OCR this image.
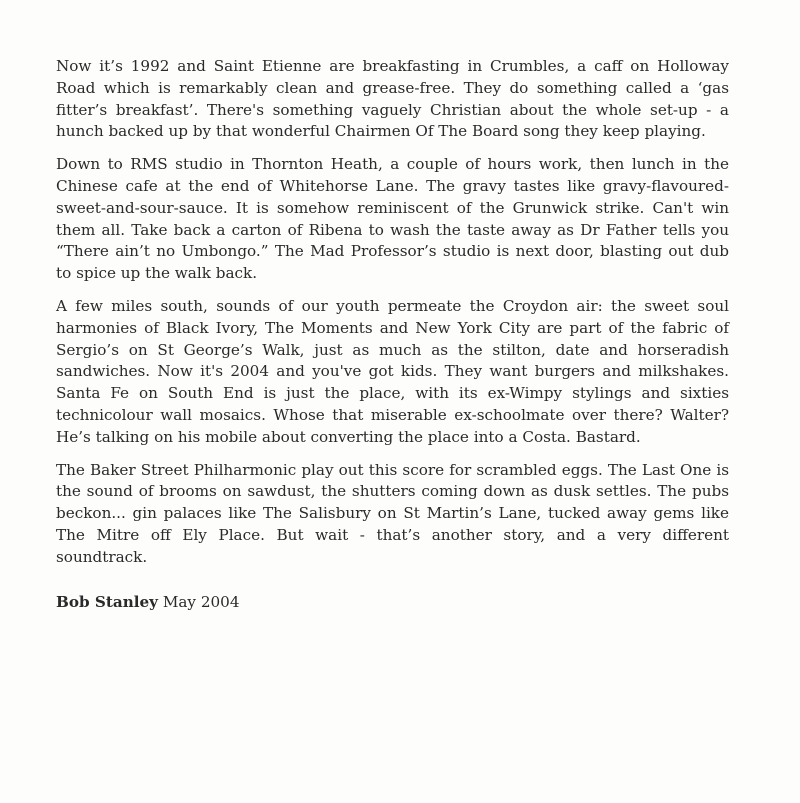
Now it’s 1992 and Saint Etienne are breakfasting in Crumbles, a caff on Holloway Road which is remarkably clean and grease-free. They do something called a ‘gas fitter’s breakfast’. There's something vaguely Christian about the whole set-up - a hunch backed up by that wonderful Chairmen Of The Board song they keep playing.

Down to RMS studio in Thornton Heath, a couple of hours work, then lunch in the Chinese cafe at the end of Whitehorse Lane. The gravy tastes like gravy-flavoured-sweet-and-sour-sauce. It is somehow reminiscent of the Grunwick strike. Can't win them all. Take back a carton of Ribena to wash the taste away as Dr Father tells you “There ain’t no Umbongo.” The Mad Professor’s studio is next door, blasting out dub to spice up the walk back.

A few miles south, sounds of our youth permeate the Croydon air: the sweet soul harmonies of Black Ivory, The Moments and New York City are part of the fabric of Sergio’s on St George’s Walk, just as much as the stilton, date and horseradish sandwiches. Now it's 2004 and you've got kids. They want burgers and milkshakes. Santa Fe on South End is just the place, with its ex-Wimpy stylings and sixties technicolour wall mosaics. Whose that miserable ex-schoolmate over there? Walter? He’s talking on his mobile about converting the place into a Costa. Bastard.

The Baker Street Philharmonic play out this score for scrambled eggs. The Last One is the sound of brooms on sawdust, the shutters coming down as dusk settles. The pubs beckon... gin palaces like The Salisbury on St Martin’s Lane, tucked away gems like The Mitre off Ely Place. But wait - that’s another story, and a very different soundtrack.

Bob Stanley May 2004
